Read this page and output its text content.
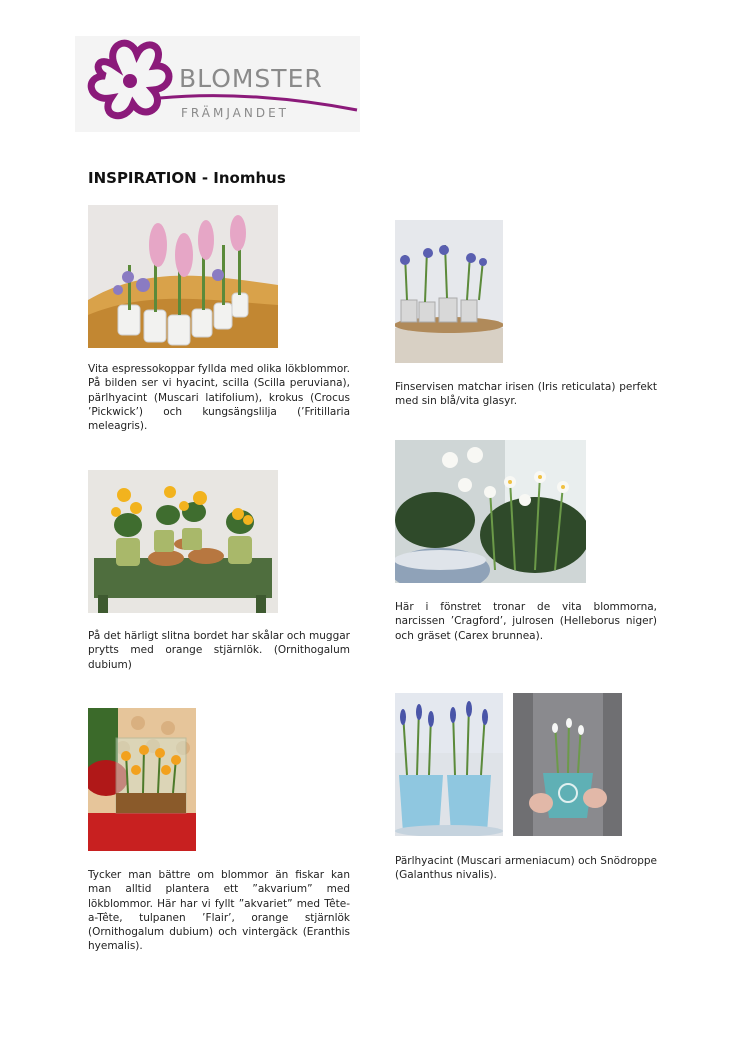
BLOMSTER
FRÄMJANDET
INSPIRATION - Inomhus
Vita espressokoppar fyllda med olika lökblommor. På bilden ser vi hyacint, scilla (Scilla peruviana), pärlhyacint (Muscari latifolium), krokus (Crocus ’Pickwick’) och kungsängslilja (’Fritillaria meleagris).
Finservisen matchar irisen (Iris reticulata) perfekt med sin blå/vita glasyr.
På det härligt slitna bordet har skålar och muggar prytts med orange stjärnlök. (Ornithogalum dubium)
Här i fönstret tronar de vita blommorna, narcissen ’Cragford’, julrosen (Helleborus niger) och gräset (Carex brunnea).
Tycker man bättre om blommor än fiskar kan man alltid plantera ett ”akvarium” med lökblommor. Här har vi fyllt ”akvariet” med Tête-a-Tête, tulpanen ’Flair’, orange stjärnlök (Ornithogalum dubium) och vintergäck (Eranthis hyemalis).
Pärlhyacint (Muscari armeniacum) och Snödroppe (Galanthus nivalis).
